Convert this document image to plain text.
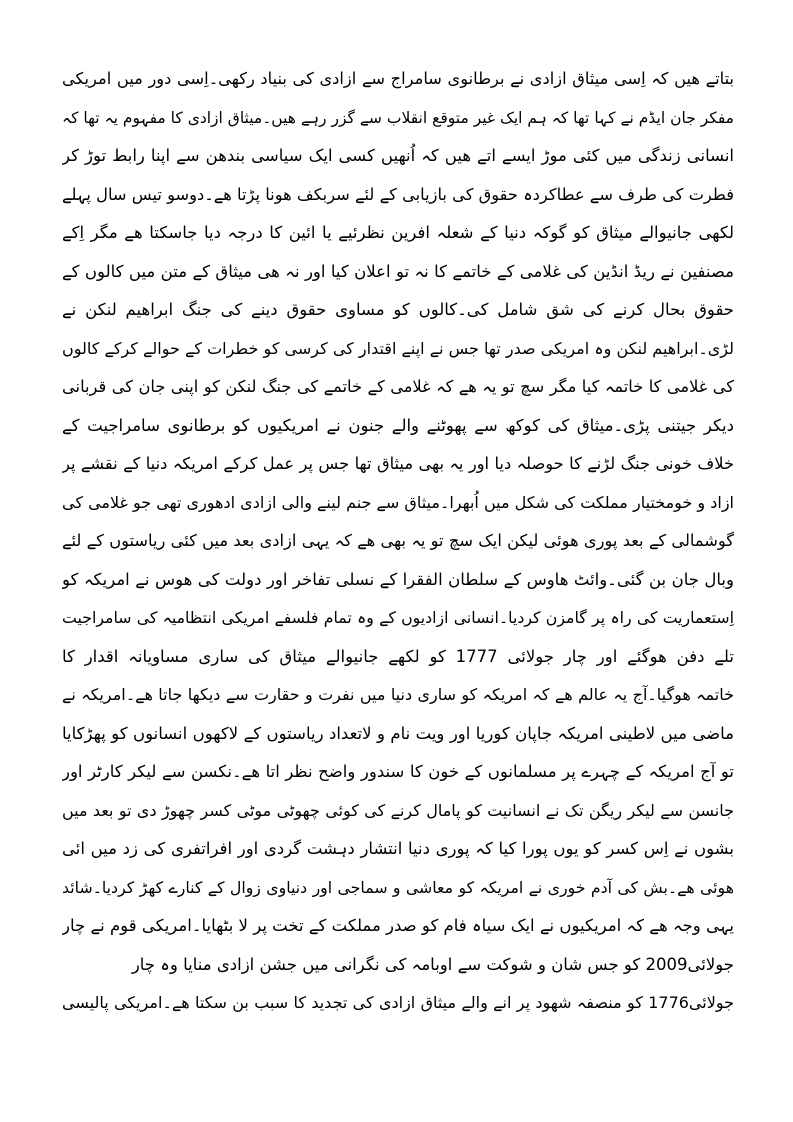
بتاتے ھیں کہ اِسی میثاق ازادی نے برطانوی سامراج سے ازادی کی بنیاد رکھی۔اِسی دور میں امریکی
مفکر جان ایڈم نے کہا تھا کہ ہم ایک غیر متوقع انقلاب سے گزر رہے ھیں۔میثاق ازادی کا مفہوم یہ تھا کہ
انسانی زندگی میں کئی موڑ ایسے اتے ھیں کہ اُنھیں کسی ایک سیاسی بندھن سے اپنا رابط توڑ کر
فطرت کی طرف سے عطاکردہ حقوق کی بازیابی کے لئے سربکف ھونا پڑتا ھے۔دوسو تیس سال پہلے
لکھی جانیوالے میثاق کو گوکہ دنیا کے شعلہ افرین نظرئیے یا ائین کا درجہ دیا جاسکتا ھے مگر اِکے
مصنفین نے ریڈ انڈین کی غلامی کے خاتمے کا نہ تو اعلان کیا اور نہ ھی میثاق کے متن میں کالوں کے
حقوق بحال کرنے کی شق شامل کی۔کالوں کو مساوی حقوق دینے کی جنگ ابراھیم لنکن نے
لڑی۔ابراھیم لنکن وہ امریکی صدر تھا جس نے اپنے اقتدار کی کرسی کو خطرات کے حوالے کرکے کالوں
کی غلامی کا خاتمہ کیا مگر سچ تو یہ ھے کہ غلامی کے خاتمے کی جنگ لنکن کو اپنی جان کی قربانی
دیکر جیتنی پڑی۔میثاق کی کوکھ سے پھوٹنے والے جنون نے امریکیوں کو برطانوی سامراجیت کے
خلاف خونی جنگ لڑنے کا حوصلہ دیا اور یہ بھی میثاق تھا جس پر عمل کرکے امریکہ دنیا کے نقشے پر
ازاد و خومختیار مملکت کی شکل میں اُبھرا۔میثاق سے جنم لینے والی ازادی ادھوری تھی جو غلامی کی
گوشمالی کے بعد پوری ھوئی لیکن ایک سچ تو یہ بھی ھے کہ یہی ازادی بعد میں کئی ریاستوں کے لئے
وبال جان بن گئی۔وائٹ ھاوس کے سلطان الفقرا کے نسلی تفاخر اور دولت کی ھوس نے امریکہ کو
اِستعماریت کی راہ پر گامزن کردیا۔انسانی ازادیوں کے وہ تمام فلسفے امریکی انتظامیہ کی سامراجیت
تلے دفن ھوگئے اور چار جولائی 1777 کو لکھے جانیوالے میثاق کی ساری مساویانہ اقدار کا
خاتمہ ھوگیا۔آج یہ عالم ھے کہ امریکہ کو ساری دنیا میں نفرت و حقارت سے دیکھا جاتا ھے۔امریکہ نے
ماضی میں لاطینی امریکہ جاپان کوریا اور ویت نام و لاتعداد ریاستوں کے لاکھوں انسانوں کو پھڑکایا
تو آج امریکہ کے چہرے پر مسلمانوں کے خون کا سندور واضح نظر اتا ھے۔نکسن سے لیکر کارٹر اور
جانسن سے لیکر ریگن تک نے انسانیت کو پامال کرنے کی کوئی چھوٹی موٹی کسر چھوڑ دی تو بعد میں
بشوں نے اِس کسر کو یوں پورا کیا کہ پوری دنیا انتشار دہشت گردی اور افراتفری کی زد میں ائی
ھوئی ھے۔بش کی آدم خوری نے امریکہ کو معاشی و سماجی اور دنیاوی زوال کے کنارے کھڑ کردیا۔شائد
یہی وجہ ھے کہ امریکیوں نے ایک سیاہ فام کو صدر مملکت کے تخت پر لا بٹھایا۔امریکی قوم نے چار
جولائی2009 کو جس شان و شوکت سے اوبامہ کی نگرانی میں جشن ازادی منایا وہ چار
جولائی1776 کو منصفہ شھود پر انے والے میثاق ازادی کی تجدید کا سبب بن سکتا ھے۔امریکی پالیسی
